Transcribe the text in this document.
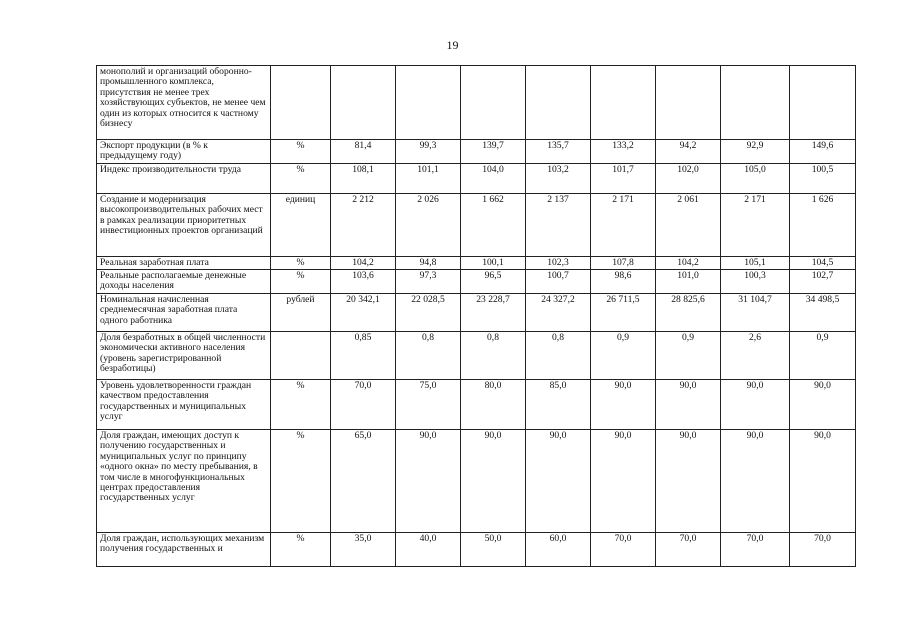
19
монополий и организаций оборонно-промышленного комплекса, присутствия не менее трех хозяйствующих субъектов, не менее чем один из которых относится к частному бизнесу									
Экспорт продукции (в % к предыдущему году)	%	81,4	99,3	139,7	135,7	133,2	94,2	92,9	149,6
Индекс производительности труда	%	108,1	101,1	104,0	103,2	101,7	102,0	105,0	100,5
Создание и модернизация высокопроизводительных рабочих мест в рамках реализации приоритетных инвестиционных проектов организаций	единиц	2 212	2 026	1 662	2 137	2 171	2 061	2 171	1 626
Реальная заработная плата	%	104,2	94,8	100,1	102,3	107,8	104,2	105,1	104,5
Реальные располагаемые денежные доходы населения	%	103,6	97,3	96,5	100,7	98,6	101,0	100,3	102,7
Номинальная начисленная среднемесячная заработная плата одного работника	рублей	20 342,1	22 028,5	23 228,7	24 327,2	26 711,5	28 825,6	31 104,7	34 498,5
Доля безработных в общей численности экономически активного населения (уровень зарегистрированной безработицы)		0,85	0,8	0,8	0,8	0,9	0,9	2,6	0,9
Уровень удовлетворенности граждан качеством предоставления государственных и муниципальных услуг	%	70,0	75,0	80,0	85,0	90,0	90,0	90,0	90,0
Доля граждан, имеющих доступ к получению государственных и муниципальных услуг по принципу «одного окна» по месту пребывания, в том числе в многофункциональных центрах предоставления государственных услуг	%	65,0	90,0	90,0	90,0	90,0	90,0	90,0	90,0
Доля граждан, использующих механизм получения государственных и	%	35,0	40,0	50,0	60,0	70,0	70,0	70,0	70,0
